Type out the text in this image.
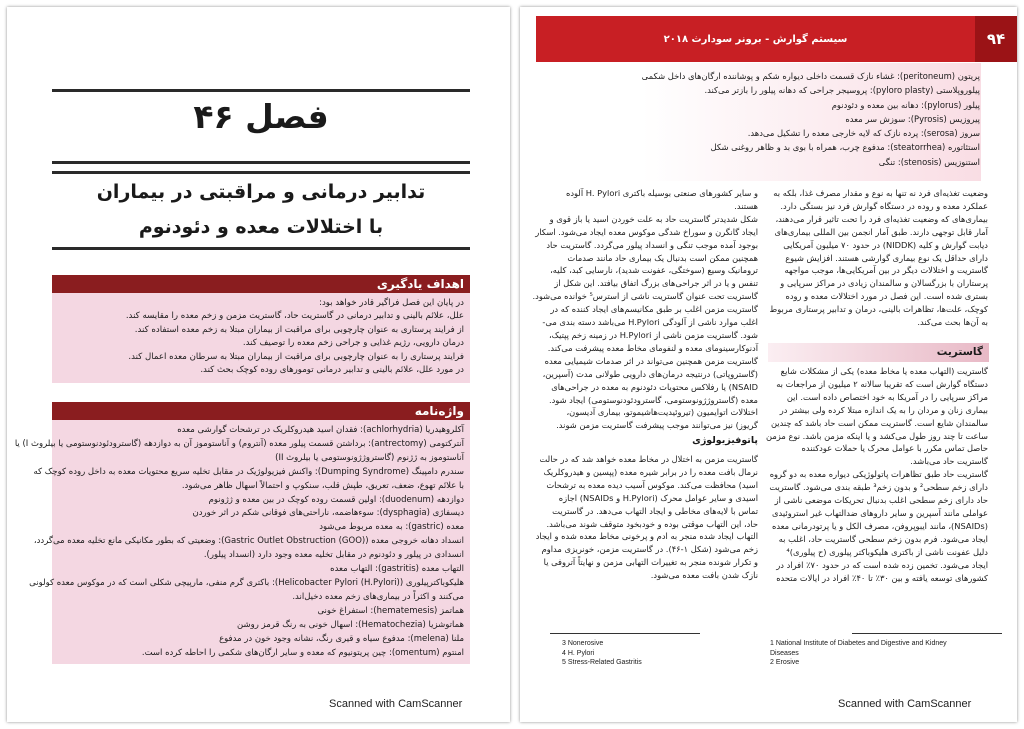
فصل ۴۶
تدابیر درمانی و مراقبتی در بیماران
با اختلالات معده و دئودنوم
اهداف یادگیری

در پایان این فصل فراگیر قادر خواهد بود:

علل، علائم بالینی و تدابیر درمانی در گاستریت حاد، گاستریت مزمن و زخم معده را مقایسه کند.

از فرایند پرستاری به عنوان چارچوبی برای مراقبت از بیماران مبتلا به زخم معده استفاده کند.

درمان دارویی، رژیم غذایی و جراحی زخم معده را توصیف کند.

فرایند پرستاری را به عنوان چارچوبی برای مراقبت از بیماران مبتلا به سرطان معده اعمال کند.

در مورد علل، علائم بالینی و تدابیر درمانی تومورهای روده کوچک بحث کند.

واژه‌نامه

آکلروهیدریا (achlorhydria): فقدان اسید هیدروکلریک در ترشحات گوارشی معده

آنتركتومی (antrectomy): برداشتن قسمت پیلور معده (آنتروم) و آناستوموز آن به دوازدهه (گاسترودئودنوستومی یا بیلروث I) یا

آناستوموز به ژژنوم (گاستروژژونوستومی یا بیلروث II)

سندرم دامپینگ (Dumping Syndrome): واکنش فیزیولوژیک در مقابل تخلیه سریع محتویات معده به داخل روده کوچک که

با علائم تهوع، ضعف، تعریق، طپش قلب، سنکوپ و احتمالاً اسهال ظاهر می‌شود.

دوازدهه (duodenum): اولین قسمت روده کوچک در بین معده و ژژونوم

دیسفاژی (dysphagia): سوءهاضمه، ناراحتی‌های فوقانی شکم در اثر خوردن

معده (gastric): به معده مربوط می‌شود

انسداد دهانه خروجی معده (Gastric Outlet Obstruction (GOO)): وضعیتی که بطور مکانیکی مانع تخلیه معده می‌گردد،

انسدادی در پیلور و دئودنوم در مقابل تخلیه معده وجود دارد (انسداد پیلور).

التهاب معده (gastritis): التهاب معده

هلیکوباکترپیلوری (Helicobacter Pylori (H.Pylori)): باکتری گرم منفی، مارپیچی شکلی است که در موکوس معده کولونی

می‌کنند و اکثراً در بیماری‌های زخم معده دخیل‌اند.

هماتمز (hematemesis): استفراغ خونی

هماتوشزیا (Hematochezia): اسهال خونی به رنگ قرمز روشن

ملنا (melena): مدفوع سیاه و قیری رنگ، نشانه وجود خون در مدفوع

امنتوم (omentum): چین پریتونیوم که معده و سایر ارگان‌های شکمی را احاطه کرده است.

Scanned with CamScanner
سیستم گوارش - برونر سودارث ۲۰۱۸	۹۴

پریتون (peritoneum): غشاء نازک قسمت داخلی دیواره شکم و پوشاننده ارگان‌های داخل شکمی

پیلوروپلاستی (pyloro plasty): پروسیجر جراحی که دهانه پیلور را بازتر می‌کند.

پیلور (pylorus): دهانه بین معده و دئودنوم

پیروزیس (Pyrosis): سوزش سر معده

سروز (serosa): پرده نازک که لایه خارجی معده را تشکیل می‌دهد.

استئاتوره (steatorrhea): مدفوع چرب، همراه با بوی بد و ظاهر روغنی شکل

استنوزیس (stenosis): تنگی

وضعیت تغذیه‌ای فرد نه تنها به نوع و مقدار مصرف غذا، بلکه به

عملکرد معده و روده در دستگاه گوارش فرد نیز بستگی دارد.

بیماری‌های که وضعیت تغذیه‌ای فرد را تحت تاثیر قرار می‌دهند،

آمار قابل توجهی دارند. طبق آمار انجمن بین المللی بیماری‌های

دیابت گوارش و کلیه (NIDDK) در حدود ۷۰ میلیون آمریکایی

دارای حداقل یک نوع بیماری گوارشی هستند. افزایش شیوع

گاستریت و اختلالات دیگر در بین آمریکایی‌ها، موجب مواجهه

پرستاران با بزرگسالان و سالمندان زیادی در مراکز سرپایی و

بستری شده است. این فصل در مورد اختلالات معده و روده

کوچک، علت‌ها، تظاهرات بالینی، درمان و تدابیر پرستاری مربوط

به آن‌ها بحث می‌کند.

گاستریت

گاستریت (التهاب معده یا مخاط معده) یکی از مشکلات شایع

دستگاه گوارش است که تقریبا سالانه ۲ میلیون از مراجعات به

مراکز سرپایی را در آمریکا به خود اختصاص داده است. این

بیماری زنان و مردان را به یک اندازه مبتلا کرده ولی بیشتر در

سالمندان شایع است. گاستریت ممکن است حاد باشد که چندین

ساعت تا چند روز طول می‌کشد و یا اینکه مزمن باشد. نوع مزمن

حاصل تماس مکرر با عوامل محرک یا حملات عودکننده

گاستریت حاد می‌باشد.

گاستریت حاد طبق تظاهرات پاتولوژیکی دیواره معده به دو گروه

دارای زخم سطحی² و بدون زخم³ طبقه بندی می‌شود. گاستریت

حاد دارای زخم سطحی اغلب بدنبال تحریکات موضعی ناشی از

عواملی مانند آسپرین و سایر داروهای ضدالتهاب غیر استروئیدی

(NSAIDs)، مانند ایبوپروفن، مصرف الکل و یا پرتودرمانی معده

ایجاد می‌شود. فرم بدون زخم سطحی گاستریت حاد، اغلب به

دلیل عفونت ناشی از باکتری هلیکوباکتر پیلوری (ح پیلوری)⁴

ایجاد می‌شود. تخمین زده شده است که در حدود ۷۰٪ افراد در

کشورهای توسعه یافته و بین ۳۰٪ تا ۴۰٪ افراد در ایالات متحده

و سایر کشورهای صنعتی بوسیله باکتری H. Pylori آلوده

هستند.

شکل شدیدتر گاستریت حاد به علت خوردن اسید یا باز قوی و

ایجاد گانگرن و سوراخ شدگی موکوس معده ایجاد می‌شود. اسکار

بوجود آمده موجب تنگی و انسداد پیلور می‌گردد. گاستریت حاد

همچنین ممکن است بدنبال یک بیماری حاد مانند صدمات

ترومانیک وسیع (سوختگی، عفونت شدید)، نارسایی کبد، کلیه،

تنفس و یا در اثر جراحی‌های بزرگ اتفاق بیافتد. این شکل از

گاستریت تحت عنوان گاستریت ناشی از استرس⁵ خوانده می‌شود.

گاستریت مزمن اغلب بر طبق مکانیسم‌های ایجاد کننده که در

اغلب موارد ناشی از آلودگی H.Pylori می‌باشد دسته بندی می-

شود. گاستریت مزمن ناشی از H.Pylori در زمینه زخم پپتیک،

آدنوکارسینومای معده و لنفومای مخاط معده پیشرفت می‌کند.

گاستریت مزمن همچنین می‌تواند در اثر صدمات شیمیایی معده

(گاستروپاتی) درنتیجه درمان‌های دارویی طولانی مدت (آسپرین،

NSAID) یا رفلاکس محتویات دئودنوم به معده در جراحی‌های

معده (گاستروژژونوستومی، گاسترودئودنوستومی) ایجاد شود.

اختلالات اتوایمیون (تیروئیدیت‌هاشیموتو، بیماری آدیسون،

گریوز) نیز می‌توانند موجب پیشرفت گاستریت مزمن شوند.

پاتوفیزیولوژی

گاستریت مزمن به اختلال در مخاط معده خواهد شد که در حالت

نرمال بافت معده را در برابر شیره معده (پپسین و هیدروکلریک

اسید) محافظت می‌کند. موکوس آسیب دیده معده به ترشحات

اسیدی و سایر عوامل محرک (H.Pylori و NSAIDs) اجازه

تماس با لایه‌های مخاطی و ایجاد التهاب می‌دهد. در گاستریت

حاد، این التهاب موقتی بوده و خودبخود متوقف شوند می‌باشد.

التهاب ایجاد شده منجر به ادم و پرخونی مخاط معده شده و ایجاد

زخم می‌شود (شکل ۱-۴۶). در گاستریت مزمن، خونریزی مداوم

و تکرار شونده منجر به تغییرات التهابی مزمن و نهایتاً آتروفی یا

نازک شدن بافت معده می‌شود.

3 Nonerosive

4 H. Pylori

5 Stress-Related Gastritis

1 National Institute of Diabetes and Digestive and Kidney

Diseases

2 Erosive

Scanned with CamScanner
